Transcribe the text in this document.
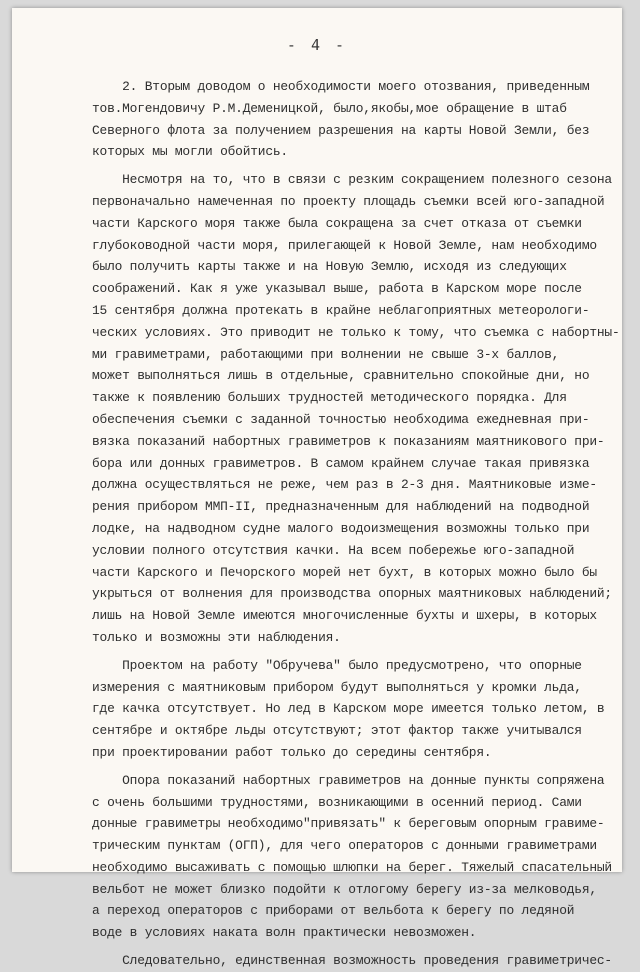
- 4 -
2. Вторым доводом о необходимости моего отозвания, приведенным
тов.Могендовичу Р.М.Деменицкой, было,якобы,мое обращение в штаб
Северного флота за получением разрешения на карты Новой Земли, без
которых мы могли обойтись.
Несмотря на то, что в связи с резким сокращением полезного сезона
первоначально намеченная по проекту площадь съемки всей юго-западной
части Карского моря также была сокращена за счет отказа от съемки
глубоководной части моря, прилегающей к Новой Земле, нам необходимо
было получить карты также и на Новую Землю, исходя из следующих
соображений. Как я уже указывал выше, работа в Карском море после
15 сентября должна протекать в крайне неблагоприятных метеорологи-
ческих условиях. Это приводит не только к тому, что съемка с набортны-
ми гравиметрами, работающими при волнении не свыше 3-х баллов,
может выполняться лишь в отдельные, сравнительно спокойные дни, но
также к появлению больших трудностей методического порядка. Для
обеспечения съемки с заданной точностью необходима ежедневная при-
вязка показаний набортных гравиметров к показаниям маятникового при-
бора или донных гравиметров. В самом крайнем случае такая привязка
должна осуществляться не реже, чем раз в 2-3 дня. Маятниковые изме-
рения прибором ММП-II, предназначенным для наблюдений на подводной
лодке, на надводном судне малого водоизмещения возможны только при
условии полного отсутствия качки. На всем побережье юго-западной
части Карского и Печорского морей нет бухт, в которых можно было бы
укрыться от волнения для производства опорных маятниковых наблюдений;
лишь на Новой Земле имеются многочисленные бухты и шхеры, в которых
только и возможны эти наблюдения.
Проектом на работу "Обручева" было предусмотрено, что опорные
измерения с маятниковым прибором будут выполняться у кромки льда,
где качка отсутствует. Но лед в Карском море имеется только летом, в
сентябре и октябре льды отсутствуют; этот фактор также учитывался
при проектировании работ только до середины сентября.
Опора показаний набортных гравиметров на донные пункты сопряжена
с очень большими трудностями, возникающими в осенний период. Сами
донные гравиметры необходимо"привязать" к береговым опорным гравиме-
трическим пунктам (ОГП), для чего операторов с донными гравиметрами
необходимо высаживать с помощью шлюпки на берег. Тяжелый спасательный
вельбот не может близко подойти к отлогому берегу из-за мелководья,
а переход операторов с приборами от вельбота к берегу по ледяной
воде в условиях наката волн практически невозможен.
Следовательно, единственная возможность проведения гравиметричес-
